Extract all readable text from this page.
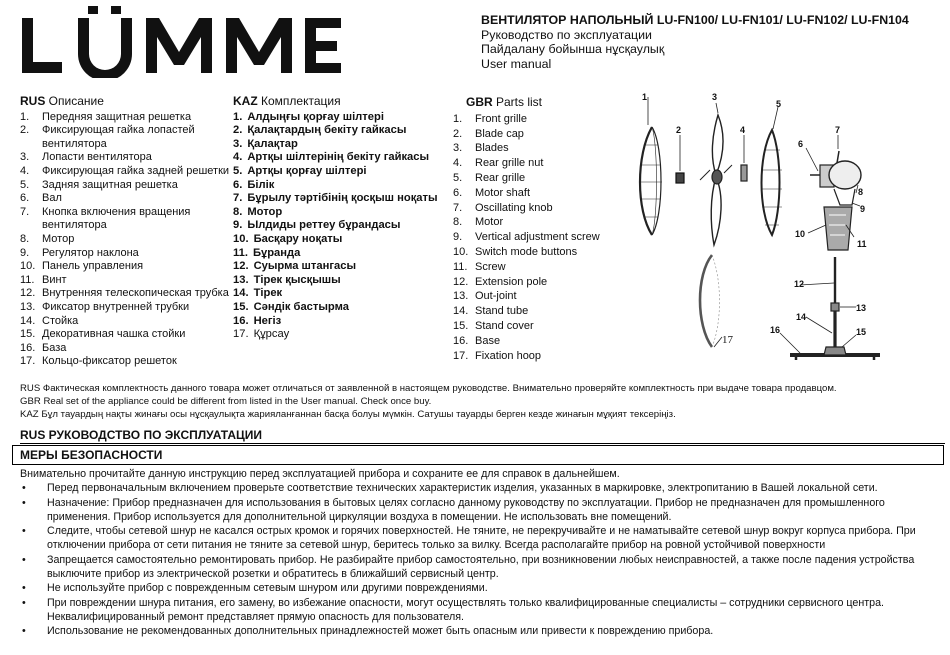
ВЕНТИЛЯТОР НАПОЛЬНЫЙ LU-FN100/ LU-FN101/ LU-FN102/ LU-FN104
Руководство по эксплуатации
Пайдалану бойынша нұсқаулық
User manual
RUS Описание
1. Передняя защитная решетка
2. Фиксирующая гайка лопастей вентилятора
3. Лопасти вентилятора
4. Фиксирующая гайка задней решетки
5. Задняя защитная решетка
6. Вал
7. Кнопка включения вращения вентилятора
8. Мотор
9. Регулятор наклона
10. Панель управления
11. Винт
12. Внутренняя телескопическая трубка
13. Фиксатор внутренней трубки
14. Стойка
15. Декоративная чашка стойки
16. База
17. Кольцо-фиксатор решеток
KAZ Комплектация
1. Алдыңғы қорғау шілтері
2. Қалақтардың бекіту гайкасы
3. Қалақтар
4. Артқы шілтерінің бекіту гайкасы
5. Артқы қорғау шілтері
6. Білік
7. Бұрылу тәртібінің қосқыш ноқаты
8. Мотор
9. Ылдиды реттеу бұрандасы
10. Басқару ноқаты
11. Бұранда
12. Суырма штангасы
13. Тірек қысқышы
14. Тірек
15. Сәндік бастырма
16. Негіз
17. Құрсау
GBR Parts list
1. Front grille
2. Blade cap
3. Blades
4. Rear grille nut
5. Rear grille
6. Motor shaft
7. Oscillating knob
8. Motor
9. Vertical adjustment screw
10. Switch mode buttons
11. Screw
12. Extension pole
13. Out-joint
14. Stand tube
15. Stand cover
16. Base
17. Fixation hoop
1
2
3
4
5
6
7
8
9
10
11
12
13
14
15
16
17
RUS Фактическая комплектность данного товара может отличаться от заявленной в настоящем руководстве. Внимательно проверяйте комплектность при выдаче товара продавцом.
GBR Real set of the appliance could be different from listed in the User manual. Check once buy.
KAZ Бұл тауардың нақты жинағы осы нұсқаулықта жарияланғаннан басқа болуы мүмкін. Сатушы тауарды берген кезде жинағын мұқият тексеріңіз.
RUS РУКОВОДСТВО ПО ЭКСПЛУАТАЦИИ
МЕРЫ БЕЗОПАСНОСТИ
Внимательно прочитайте данную инструкцию перед эксплуатацией прибора и сохраните ее для справок в дальнейшем.
• Перед первоначальным включением проверьте соответствие технических характеристик изделия, указанных в маркировке, электропитанию в Вашей локальной сети.
• Назначение: Прибор предназначен для использования в бытовых целях согласно данному руководству по эксплуатации. Прибор не предназначен для промышленного применения. Прибор используется для дополнительной циркуляции воздуха в помещении. Не использовать вне помещений.
• Следите, чтобы сетевой шнур не касался острых кромок и горячих поверхностей. Не тяните, не перекручивайте и не наматывайте сетевой шнур вокруг корпуса прибора. При отключении прибора от сети питания не тяните за сетевой шнур, беритесь только за вилку. Всегда располагайте прибор на ровной устойчивой поверхности
• Запрещается самостоятельно ремонтировать прибор. Не разбирайте прибор самостоятельно, при возникновении любых неисправностей, а также после падения устройства выключите прибор из электрической розетки и обратитесь в ближайший сервисный центр.
• Не используйте прибор с поврежденным сетевым шнуром или другими повреждениями.
• При повреждении шнура питания, его замену, во избежание опасности, могут осуществлять только квалифицированные специалисты – сотрудники сервисного центра. Неквалифицированный ремонт представляет прямую опасность для пользователя.
• Использование не рекомендованных дополнительных принадлежностей может быть опасным или привести к повреждению прибора.
